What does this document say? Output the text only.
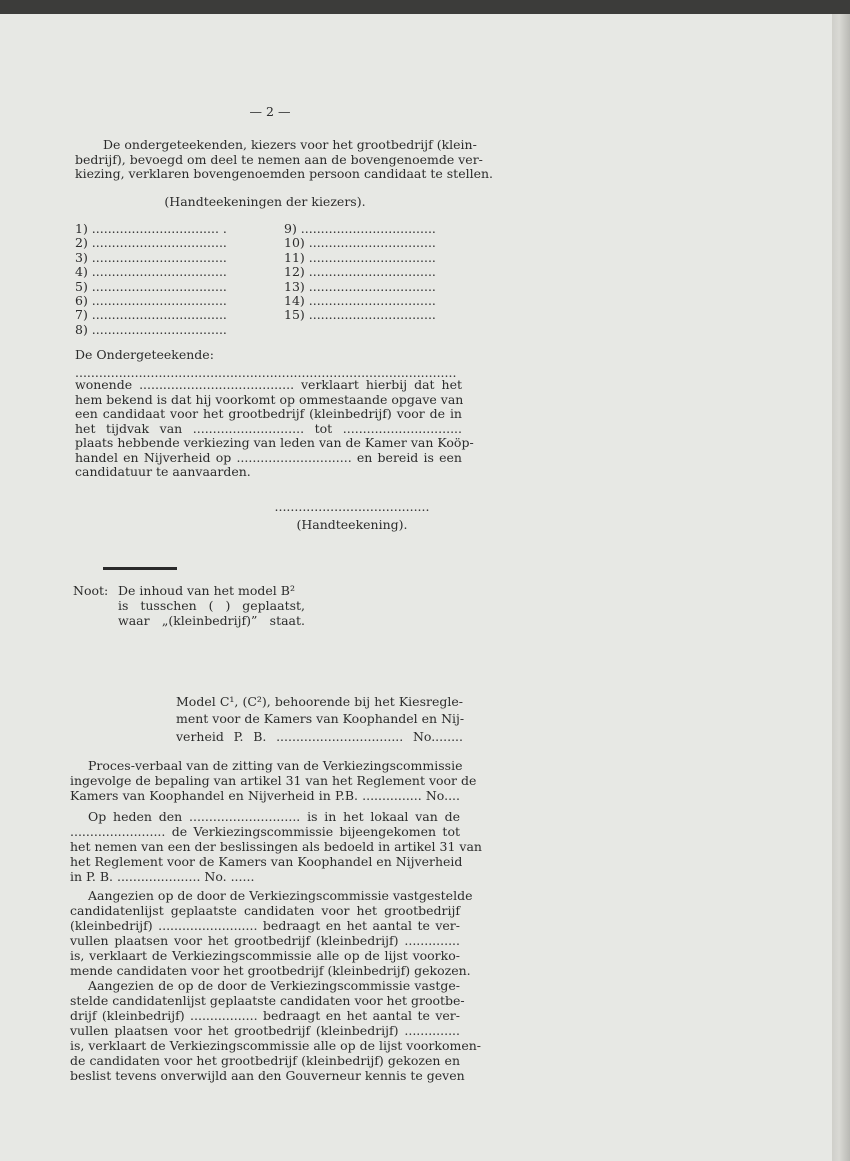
— 2 —
De ondergeteekenden, kiezers voor het grootbedrijf (klein-
bedrijf), bevoegd om deel te nemen aan de bovengenoemde ver-
kiezing, verklaren bovengenoemden persoon candidaat te stellen.
(Handteekeningen der kiezers).
1) ................................ .
2) ..................................
3) ..................................
4) ..................................
5) ..................................
6) ..................................
7) ..................................
8) ..................................
9) ..................................
10) ................................
11) ................................
12) ................................
13) ................................
14) ................................
15) ................................
De Ondergeteekende:
................................................................................................
wonende ....................................... verklaart hierbij dat het
hem bekend is dat hij voorkomt op ommestaande opgave van
een candidaat voor het grootbedrijf (kleinbedrijf) voor de in
het tijdvak van ............................ tot ..............................
plaats hebbende verkiezing van leden van de Kamer van Koöp-
handel en Nijverheid op ............................. en bereid is een
candidatuur te aanvaarden.
.......................................
(Handteekening).
Noot: De inhoud van het model B²
is tusschen ( ) geplaatst,
waar „(kleinbedrijf)” staat.
Model C¹, (C²), behoorende bij het Kiesregle-
ment voor de Kamers van Koophandel en Nij-
verheid P. B. ................................ No........
Proces-verbaal van de zitting van de Verkiezingscommissie
ingevolge de bepaling van artikel 31 van het Reglement voor de
Kamers van Koophandel en Nijverheid in P.B. ............... No....
Op heden den ............................ is in het lokaal van de
........................ de Verkiezingscommissie bijeengekomen tot
het nemen van een der beslissingen als bedoeld in artikel 31 van
het Reglement voor de Kamers van Koophandel en Nijverheid
in P. B. ..................... No. ......
Aangezien op de door de Verkiezingscommissie vastgestelde
candidatenlijst geplaatste candidaten voor het grootbedrijf
(kleinbedrijf) ......................... bedraagt en het aantal te ver-
vullen plaatsen voor het grootbedrijf (kleinbedrijf) ..............
is, verklaart de Verkiezingscommissie alle op de lijst voorko-
mende candidaten voor het grootbedrijf (kleinbedrijf) gekozen.
Aangezien de op de door de Verkiezingscommissie vastge-
stelde candidatenlijst geplaatste candidaten voor het grootbe-
drijf (kleinbedrijf) ................. bedraagt en het aantal te ver-
vullen plaatsen voor het grootbedrijf (kleinbedrijf) ..............
is, verklaart de Verkiezingscommissie alle op de lijst voorkomen-
de candidaten voor het grootbedrijf (kleinbedrijf) gekozen en
beslist tevens onverwijld aan den Gouverneur kennis te geven
